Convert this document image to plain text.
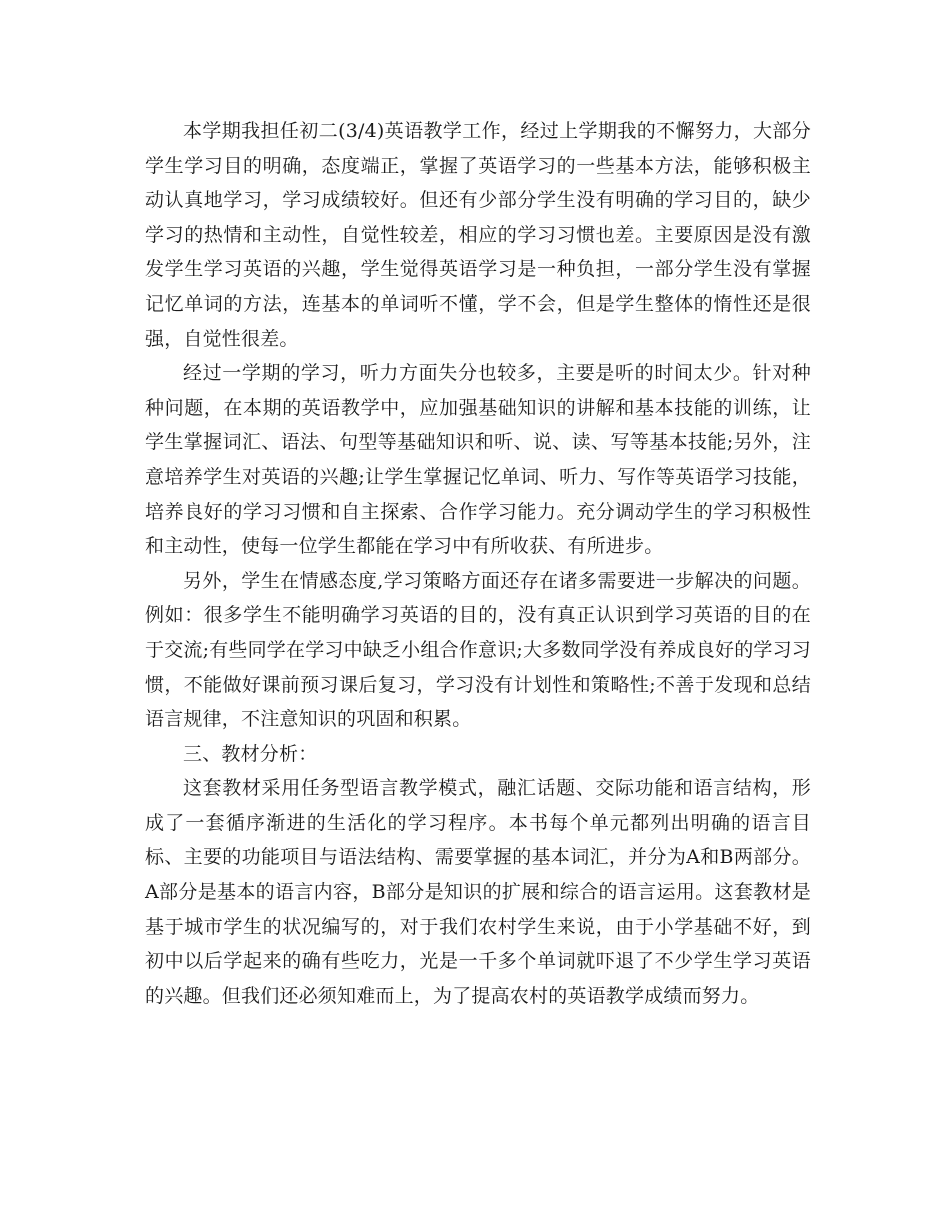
本学期我担任初二(3/4)英语教学工作，经过上学期我的不懈努力，大部分学生学习目的明确，态度端正，掌握了英语学习的一些基本方法，能够积极主动认真地学习，学习成绩较好。但还有少部分学生没有明确的学习目的，缺少学习的热情和主动性，自觉性较差，相应的学习习惯也差。主要原因是没有激发学生学习英语的兴趣，学生觉得英语学习是一种负担，一部分学生没有掌握记忆单词的方法，连基本的单词听不懂，学不会，但是学生整体的惰性还是很强，自觉性很差。

经过一学期的学习，听力方面失分也较多，主要是听的时间太少。针对种种问题，在本期的英语教学中，应加强基础知识的讲解和基本技能的训练，让学生掌握词汇、语法、句型等基础知识和听、说、读、写等基本技能;另外，注意培养学生对英语的兴趣;让学生掌握记忆单词、听力、写作等英语学习技能，培养良好的学习习惯和自主探索、合作学习能力。充分调动学生的学习积极性和主动性，使每一位学生都能在学习中有所收获、有所进步。

另外，学生在情感态度,学习策略方面还存在诸多需要进一步解决的问题。例如：很多学生不能明确学习英语的目的，没有真正认识到学习英语的目的在于交流;有些同学在学习中缺乏小组合作意识;大多数同学没有养成良好的学习习惯，不能做好课前预习课后复习，学习没有计划性和策略性;不善于发现和总结语言规律，不注意知识的巩固和积累。

三、教材分析：

这套教材采用任务型语言教学模式，融汇话题、交际功能和语言结构，形成了一套循序渐进的生活化的学习程序。本书每个单元都列出明确的语言目标、主要的功能项目与语法结构、需要掌握的基本词汇，并分为A和B两部分。A部分是基本的语言内容，B部分是知识的扩展和综合的语言运用。这套教材是基于城市学生的状况编写的，对于我们农村学生来说，由于小学基础不好，到初中以后学起来的确有些吃力，光是一千多个单词就吓退了不少学生学习英语的兴趣。但我们还必须知难而上，为了提高农村的英语教学成绩而努力。
